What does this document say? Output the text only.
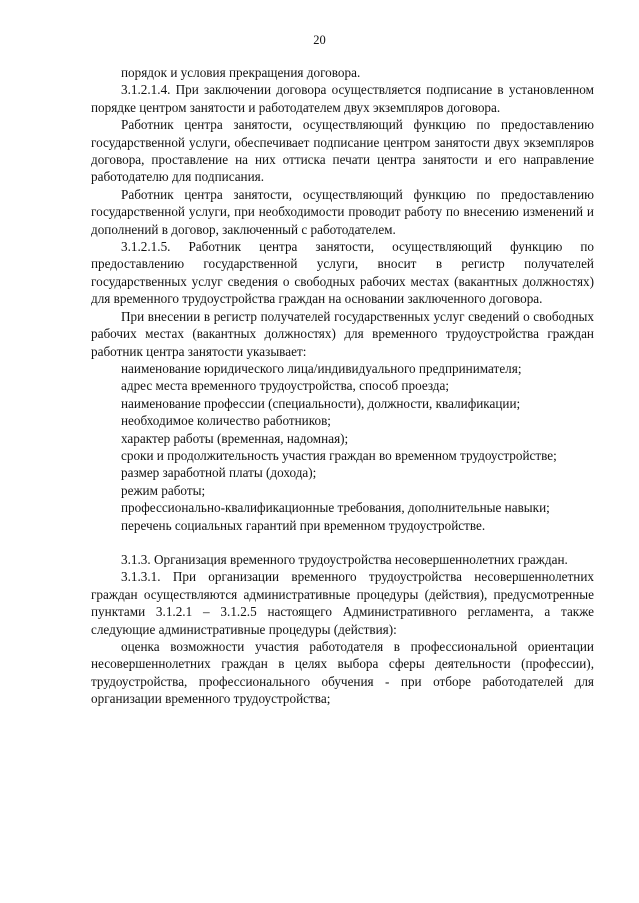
20

порядок и условия прекращения договора.

3.1.2.1.4. При заключении договора осуществляется подписание в установленном порядке центром занятости и работодателем двух экземпляров договора.

Работник центра занятости, осуществляющий функцию по предоставлению государственной услуги, обеспечивает подписание центром занятости двух экземпляров договора, проставление на них оттиска печати центра занятости и его направление работодателю для подписания.

Работник центра занятости, осуществляющий функцию по предоставлению государственной услуги, при необходимости проводит работу по внесению изменений и дополнений в договор, заключенный с работодателем.

3.1.2.1.5. Работник центра занятости, осуществляющий функцию по предоставлению государственной услуги, вносит в регистр получателей государственных услуг сведения о свободных рабочих местах (вакантных должностях) для временного трудоустройства граждан на основании заключенного договора.

При внесении в регистр получателей государственных услуг сведений о свободных рабочих местах (вакантных должностях) для временного трудоустройства граждан работник центра занятости указывает:

наименование юридического лица/индивидуального предпринимателя;

адрес места временного трудоустройства, способ проезда;

наименование профессии (специальности), должности, квалификации;

необходимое количество работников;

характер работы (временная, надомная);

сроки и продолжительность участия граждан во временном трудоустройстве;

размер заработной платы (дохода);

режим работы;

профессионально-квалификационные требования, дополнительные навыки;

перечень социальных гарантий при временном трудоустройстве.

3.1.3. Организация временного трудоустройства несовершеннолетних граждан.

3.1.3.1. При организации временного трудоустройства несовершеннолетних граждан осуществляются административные процедуры (действия), предусмотренные пунктами 3.1.2.1 – 3.1.2.5 настоящего Административного регламента, а также следующие административные процедуры (действия):

оценка возможности участия работодателя в профессиональной ориентации несовершеннолетних граждан в целях выбора сферы деятельности (профессии), трудоустройства, профессионального обучения - при отборе работодателей для организации временного трудоустройства;
